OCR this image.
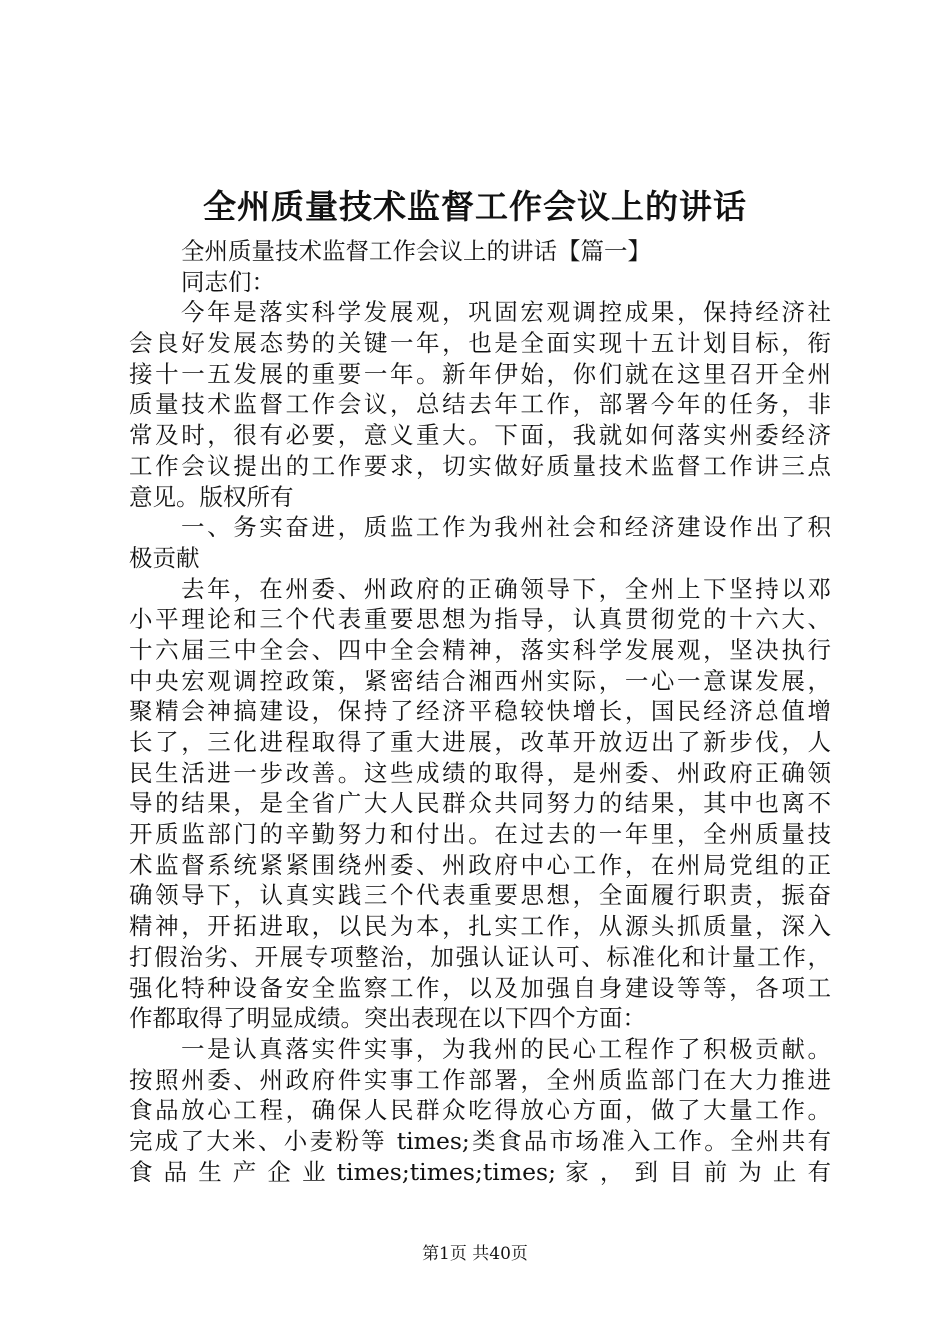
全州质量技术监督工作会议上的讲话
全州质量技术监督工作会议上的讲话【篇一】
同志们：
今年是落实科学发展观，巩固宏观调控成果，保持经济社
会良好发展态势的关键一年，也是全面实现十五计划目标，衔
接十一五发展的重要一年。新年伊始，你们就在这里召开全州
质量技术监督工作会议，总结去年工作，部署今年的任务，非
常及时，很有必要，意义重大。下面，我就如何落实州委经济
工作会议提出的工作要求，切实做好质量技术监督工作讲三点
意见。版权所有
一、务实奋进，质监工作为我州社会和经济建设作出了积
极贡献
去年，在州委、州政府的正确领导下，全州上下坚持以邓
小平理论和三个代表重要思想为指导，认真贯彻党的十六大、
十六届三中全会、四中全会精神，落实科学发展观，坚决执行
中央宏观调控政策，紧密结合湘西州实际，一心一意谋发展，
聚精会神搞建设，保持了经济平稳较快增长，国民经济总值增
长了，三化进程取得了重大进展，改革开放迈出了新步伐，人
民生活进一步改善。这些成绩的取得，是州委、州政府正确领
导的结果，是全省广大人民群众共同努力的结果，其中也离不
开质监部门的辛勤努力和付出。在过去的一年里，全州质量技
术监督系统紧紧围绕州委、州政府中心工作，在州局党组的正
确领导下，认真实践三个代表重要思想，全面履行职责，振奋
精神，开拓进取，以民为本，扎实工作，从源头抓质量，深入
打假治劣、开展专项整治，加强认证认可、标准化和计量工作，
强化特种设备安全监察工作，以及加强自身建设等等，各项工
作都取得了明显成绩。突出表现在以下四个方面：
一是认真落实件实事，为我州的民心工程作了积极贡献。
按照州委、州政府件实事工作部署，全州质监部门在大力推进
食品放心工程，确保人民群众吃得放心方面，做了大量工作。
完成了大米、小麦粉等 times;类食品市场准入工作。全州共有
食 品 生 产 企 业 times;times;times; 家 ， 到 目 前 为 止 有
第1页 共40页
